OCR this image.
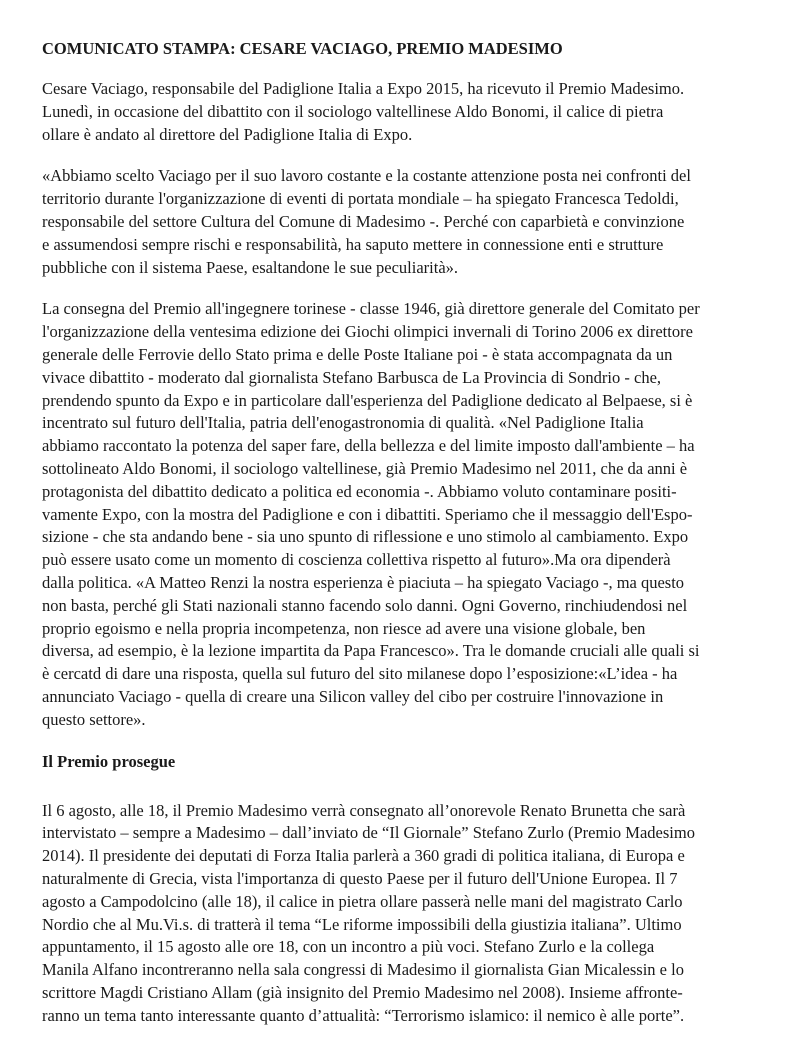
COMUNICATO STAMPA: CESARE VACIAGO, PREMIO MADESIMO
Cesare Vaciago, responsabile del Padiglione Italia a Expo 2015, ha ricevuto il Premio Madesimo.
Lunedì, in occasione del dibattito con il sociologo valtellinese Aldo Bonomi, il calice di pietra
ollare è andato al direttore del Padiglione Italia di Expo.
«Abbiamo scelto Vaciago per il suo lavoro costante e la costante attenzione posta nei confronti del
territorio durante l'organizzazione di eventi di portata mondiale – ha spiegato Francesca Tedoldi,
responsabile del settore Cultura del Comune di Madesimo -. Perché con caparbietà e convinzione
e assumendosi sempre rischi e responsabilità, ha saputo mettere in connessione enti e strutture
pubbliche con il sistema Paese, esaltandone le sue peculiarità».
La consegna del Premio all'ingegnere torinese - classe 1946, già direttore generale del Comitato per
l'organizzazione della ventesima edizione dei Giochi olimpici invernali di Torino 2006 ex direttore
generale delle Ferrovie dello Stato prima e delle Poste Italiane poi - è stata accompagnata da un
vivace dibattito - moderato dal giornalista Stefano Barbusca de La Provincia di Sondrio - che,
prendendo spunto da Expo e in particolare dall'esperienza del Padiglione dedicato al Belpaese, si è
incentrato sul futuro dell'Italia, patria dell'enogastronomia di qualità. «Nel Padiglione Italia
abbiamo raccontato la potenza del saper fare, della bellezza e del limite imposto dall'ambiente – ha
sottolineato Aldo Bonomi, il sociologo valtellinese, già Premio Madesimo nel 2011, che da anni è
protagonista del dibattito dedicato a politica ed economia -. Abbiamo voluto contaminare positi-
vamente Expo, con la mostra del Padiglione e con i dibattiti. Speriamo che il messaggio dell'Espo-
sizione - che sta andando bene - sia uno spunto di riflessione e uno stimolo al cambiamento. Expo
può essere usato come un momento di coscienza collettiva rispetto al futuro».Ma ora dipenderà
dalla politica. «A Matteo Renzi la nostra esperienza è piaciuta – ha spiegato Vaciago -, ma questo
non basta, perché gli Stati nazionali stanno facendo solo danni. Ogni Governo, rinchiudendosi nel
proprio egoismo e nella propria incompetenza, non riesce ad avere una visione globale, ben
diversa, ad esempio, è la lezione impartita da Papa Francesco». Tra le domande cruciali alle quali si
è cercatd di dare una risposta, quella sul futuro del sito milanese dopo l’esposizione:«L’idea - ha
annunciato Vaciago - quella di creare una Silicon valley del cibo per costruire l'innovazione in
questo settore».
Il Premio prosegue
Il 6 agosto, alle 18, il Premio Madesimo verrà consegnato all’onorevole Renato Brunetta che sarà
intervistato – sempre a Madesimo – dall’inviato de “Il Giornale” Stefano Zurlo (Premio Madesimo
2014). Il presidente dei deputati di Forza Italia parlerà a 360 gradi di politica italiana, di Europa e
naturalmente di Grecia, vista l'importanza di questo Paese per il futuro dell'Unione Europea. Il 7
agosto a Campodolcino (alle 18), il calice in pietra ollare passerà nelle mani del magistrato Carlo
Nordio che al Mu.Vi.s. di tratterà il tema “Le riforme impossibili della giustizia italiana”. Ultimo
appuntamento, il 15 agosto alle ore 18, con un incontro a più voci. Stefano Zurlo e la collega
Manila Alfano incontreranno nella sala congressi di Madesimo il giornalista Gian Micalessin e lo
scrittore Magdi Cristiano Allam (già insignito del Premio Madesimo nel 2008). Insieme affronte-
ranno un tema tanto interessante quanto d’attualità: “Terrorismo islamico: il nemico è alle porte”.
